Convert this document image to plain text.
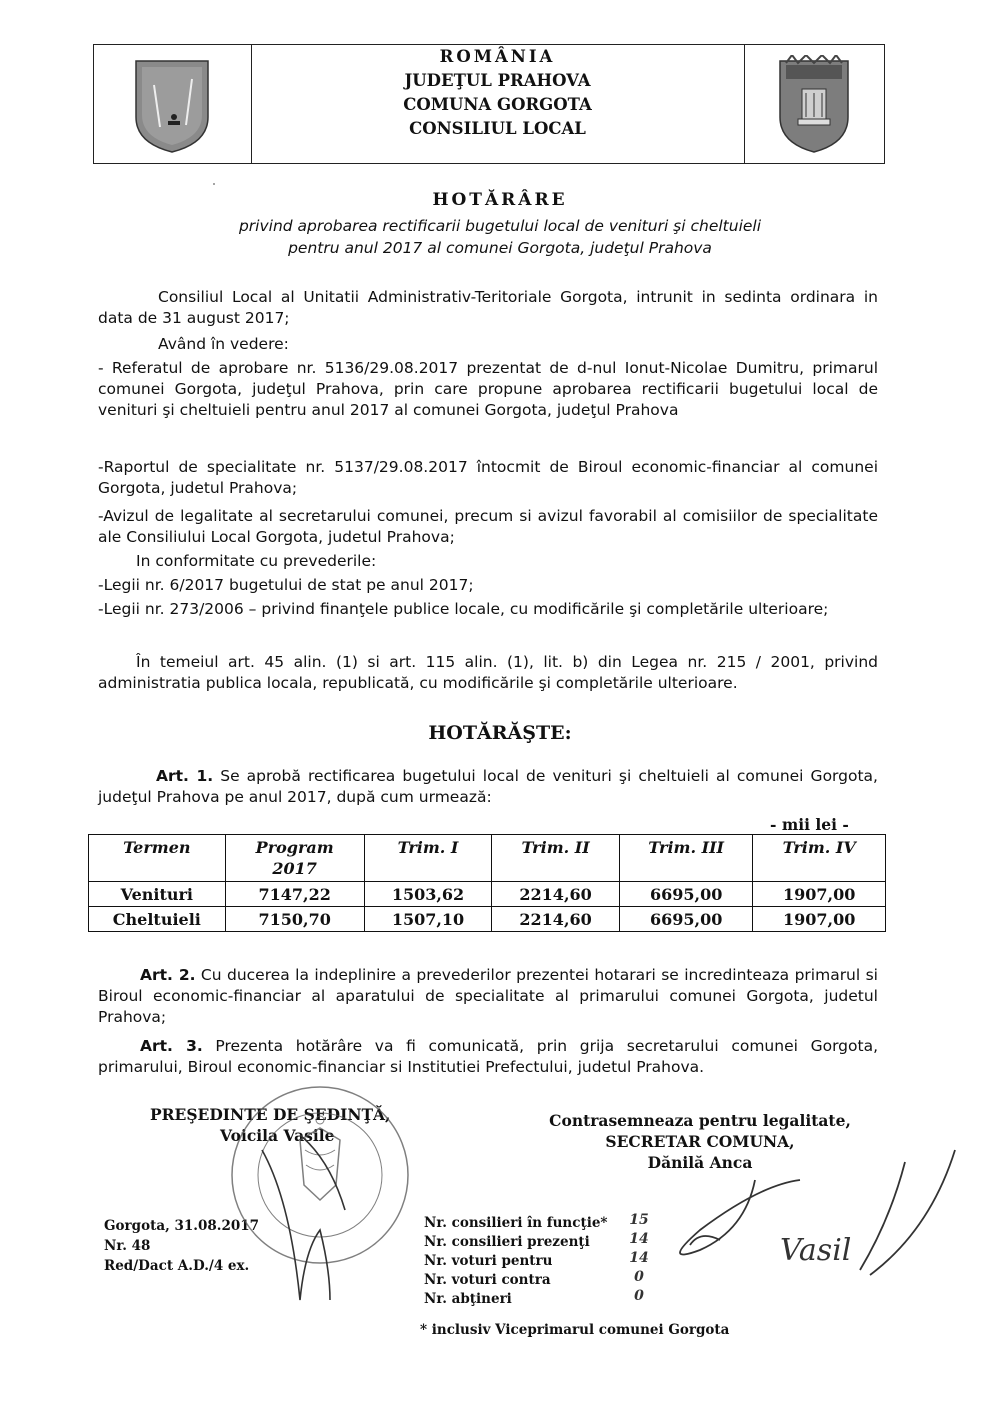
ROMÂNIA
JUDEŢUL PRAHOVA
COMUNA GORGOTA
CONSILIUL LOCAL
HOTĂRÂRE
privind aprobarea rectificarii bugetului local de venituri şi cheltuieli
pentru anul 2017 al comunei Gorgota, judeţul Prahova
Consiliul Local al Unitatii Administrativ-Teritoriale Gorgota, intrunit in sedinta ordinara in data de 31 august 2017;
Având în vedere:
- Referatul de aprobare nr. 5136/29.08.2017 prezentat de d-nul Ionut-Nicolae Dumitru, primarul comunei Gorgota, judeţul Prahova, prin care propune aprobarea rectificarii bugetului local de venituri şi cheltuieli pentru anul 2017 al comunei Gorgota, judeţul Prahova
-Raportul de specialitate nr. 5137/29.08.2017 întocmit de Biroul economic-financiar al comunei Gorgota, judetul Prahova;
-Avizul de legalitate al secretarului comunei, precum si avizul favorabil al comisiilor de specialitate ale Consiliului Local Gorgota, judetul Prahova;
In conformitate cu prevederile:
-Legii nr. 6/2017 bugetului de stat pe anul 2017;
-Legii nr. 273/2006 – privind finanţele publice locale, cu modificările şi completările ulterioare;
În temeiul art. 45 alin. (1) si art. 115 alin. (1), lit. b) din Legea nr. 215 / 2001, privind administratia publica locala, republicată, cu modificările şi completările ulterioare.
HOTĂRĂŞTE:
Art. 1. Se aprobă rectificarea bugetului local de venituri şi cheltuieli al comunei Gorgota, judeţul Prahova pe anul 2017, după cum urmează:
- mii lei -
Termen	Program 2017	Trim. I	Trim. II	Trim. III	Trim. IV
Venituri	7147,22	1503,62	2214,60	6695,00	1907,00
Cheltuieli	7150,70	1507,10	2214,60	6695,00	1907,00
Art. 2. Cu ducerea la indeplinire a prevederilor prezentei hotarari se incredinteaza primarul si Biroul economic-financiar al aparatului de specialitate al primarului comunei Gorgota, judetul Prahova;
Art. 3. Prezenta hotărâre va fi comunicată, prin grija secretarului comunei Gorgota, primarului, Biroul economic-financiar si Institutiei Prefectului, judetul Prahova.
PREŞEDINTE DE ŞEDINŢĂ,
Voicila Vasile
Contrasemneaza pentru legalitate,
SECRETAR COMUNA,
Dănilă Anca
Gorgota, 31.08.2017
Nr. 48
Red/Dact A.D./4 ex.
Nr. consilieri în funcţie*	15
Nr. consilieri prezenţi	14
Nr. voturi pentru	14
Nr. voturi contra	0
Nr. abţineri	0
* inclusiv Viceprimarul comunei Gorgota
Vasil
